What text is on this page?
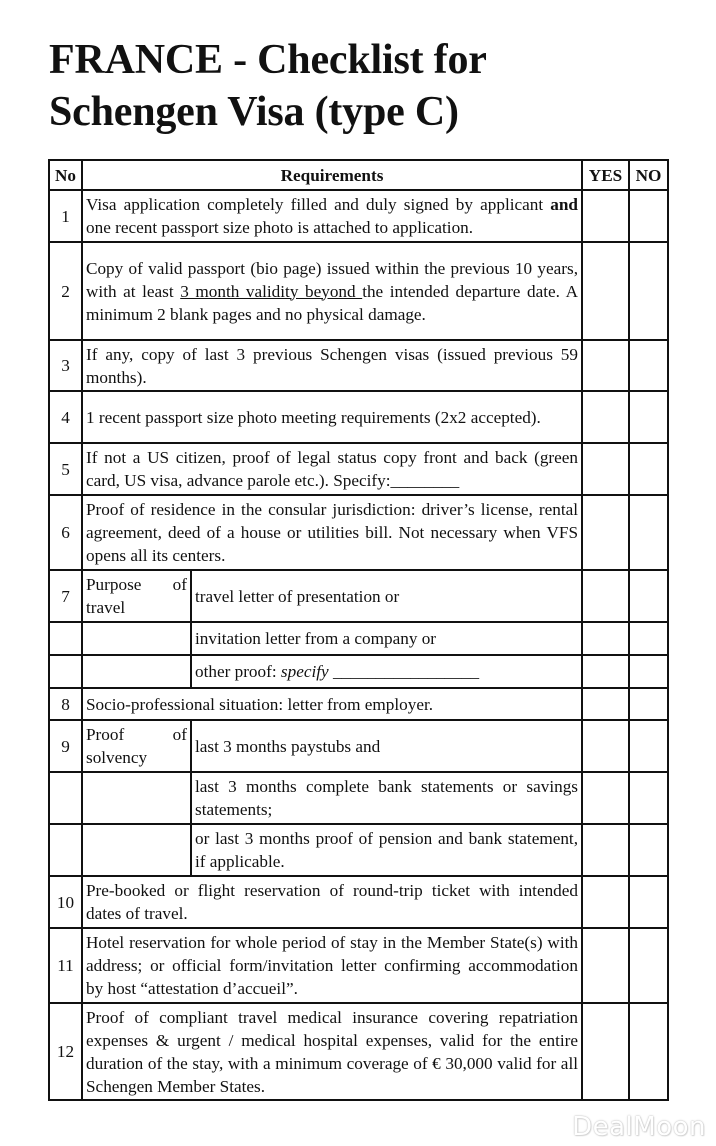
FRANCE - Checklist for
Schengen Visa (type C)
No	Requirements		YES	NO
1	Visa application completely filled and duly signed by applicant and one recent passport size photo is attached to application.			
2	Copy of valid passport (bio page) issued within the previous 10 years, with at least 3 month validity beyond the intended departure date. A minimum 2 blank pages and no physical damage.			
3	If any, copy of last 3 previous Schengen visas (issued previous 59 months).			
4	1 recent passport size photo meeting requirements (2x2 accepted).			
5	If not a US citizen, proof of legal status copy front and back (green card, US visa, advance parole etc.). Specify:________			
6	Proof of residence in the consular jurisdiction: driver’s license, rental agreement, deed of a house or utilities bill. Not necessary when VFS opens all its centers.			
7	Purpose of travel	travel letter of presentation or		
		invitation letter from a company or		
		other proof: specify _________________		
8	Socio-professional situation: letter from employer.			
9	Proof of solvency	last 3 months paystubs and		
		last 3 months complete bank statements or savings statements;		
		or last 3 months proof of pension and bank statement, if applicable.		
10	Pre-booked or flight reservation of round-trip ticket with intended dates of travel.			
11	Hotel reservation for whole period of stay in the Member State(s) with address; or official form/invitation letter confirming accommodation by host “attestation d’accueil”.			
12	Proof of compliant travel medical insurance covering repatriation expenses & urgent / medical hospital expenses, valid for the entire duration of the stay, with a minimum coverage of € 30,000 valid for all Schengen Member States.			
DealMoon
